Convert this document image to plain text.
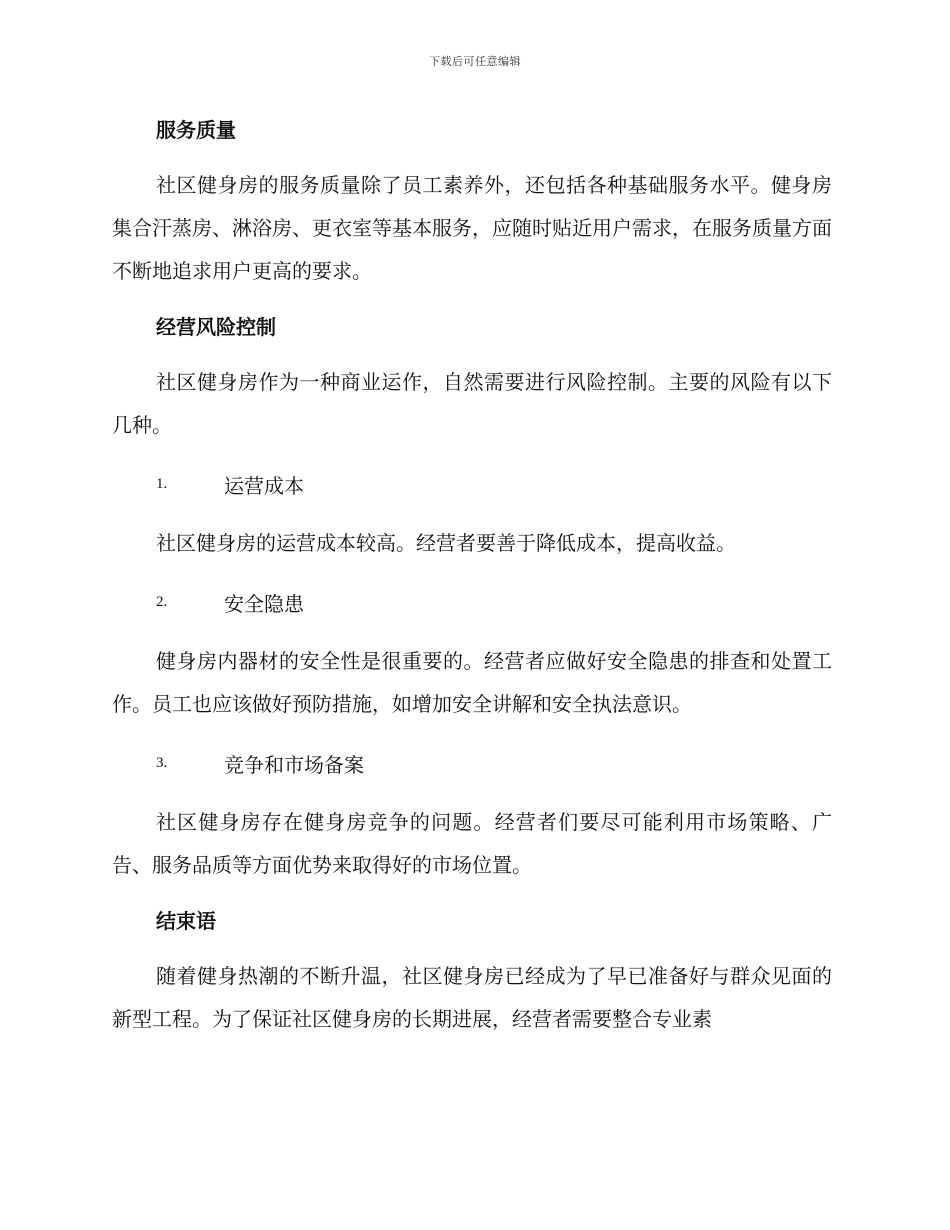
下载后可任意编辑
服务质量

社区健身房的服务质量除了员工素养外，还包括各种基础服务水平。健身房集合汗蒸房、淋浴房、更衣室等基本服务，应随时贴近用户需求，在服务质量方面不断地追求用户更高的要求。

经营风险控制

社区健身房作为一种商业运作，自然需要进行风险控制。主要的风险有以下几种。

1.	运营成本

社区健身房的运营成本较高。经营者要善于降低成本，提高收益。

2.	安全隐患

健身房内器材的安全性是很重要的。经营者应做好安全隐患的排查和处置工作。员工也应该做好预防措施，如增加安全讲解和安全执法意识。

3.	竞争和市场备案

社区健身房存在健身房竞争的问题。经营者们要尽可能利用市场策略、广告、服务品质等方面优势来取得好的市场位置。

结束语

随着健身热潮的不断升温，社区健身房已经成为了早已准备好与群众见面的新型工程。为了保证社区健身房的长期进展，经营者需要整合专业素
